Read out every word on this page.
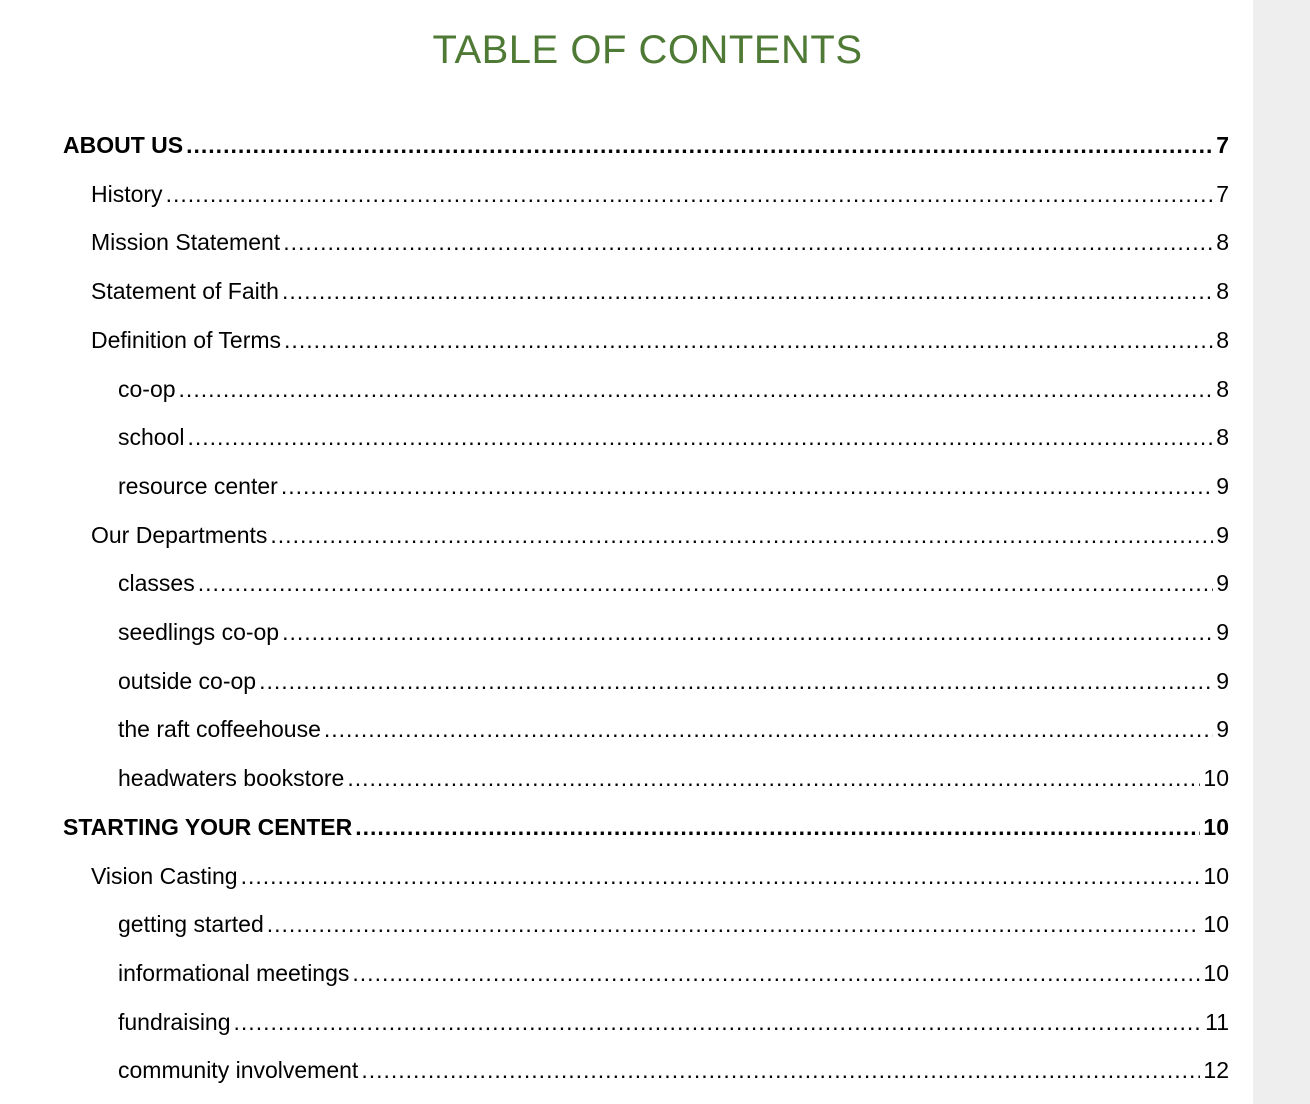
TABLE OF CONTENTS
ABOUT US .....	7
History .....	7
Mission Statement .....	8
Statement of Faith .....	8
Definition of Terms .....	8
co-op .....	8
school .....	8
resource center .....	9
Our Departments .....	9
classes .....	9
seedlings co-op .....	9
outside co-op .....	9
the raft coffeehouse .....	9
headwaters bookstore .....	10
STARTING YOUR CENTER .....	10
Vision Casting .....	10
getting started .....	10
informational meetings .....	10
fundraising .....	11
community involvement .....	12
